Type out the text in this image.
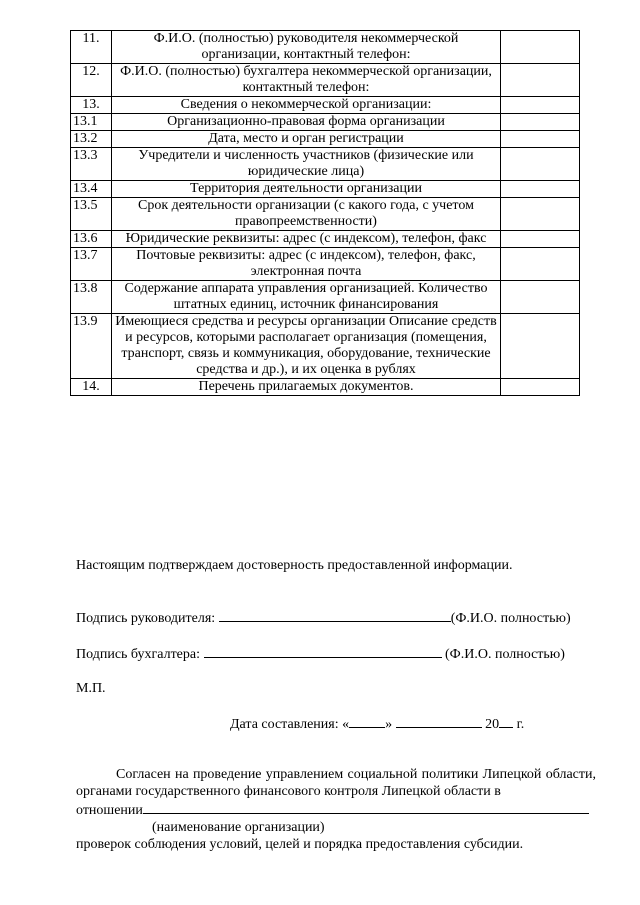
11.	Ф.И.О. (полностью) руководителя некоммерческой организации, контактный телефон:	
12.	Ф.И.О. (полностью) бухгалтера некоммерческой организации, контактный телефон:	
13.	Сведения о некоммерческой организации:	
13.1	Организационно-правовая форма организации	
13.2	Дата, место и орган регистрации	
13.3	Учредители и численность участников (физические или юридические лица)	
13.4	Территория деятельности организации	
13.5	Срок деятельности организации (с какого года, с учетом правопреемственности)	
13.6	Юридические реквизиты: адрес (с индексом), телефон, факс	
13.7	Почтовые реквизиты: адрес (с индексом), телефон, факс, электронная почта	
13.8	Содержание аппарата управления организацией. Количество штатных единиц, источник финансирования	
13.9	Имеющиеся средства и ресурсы организации Описание средств и ресурсов, которыми располагает организация (помещения, транспорт, связь и коммуникация, оборудование, технические средства и др.), и их оценка в рублях	
14.	Перечень прилагаемых документов.	
Настоящим подтверждаем достоверность предоставленной информации.
Подпись руководителя:	(Ф.И.О. полностью)
Подпись бухгалтера:	(Ф.И.О. полностью)
М.П.
Дата составления: «	»	20 г.
Согласен на проведение управлением социальной политики Липецкой области, органами государственного финансового контроля Липецкой области в
отношении
(наименование организации)
проверок соблюдения условий, целей и порядка предоставления субсидии.
